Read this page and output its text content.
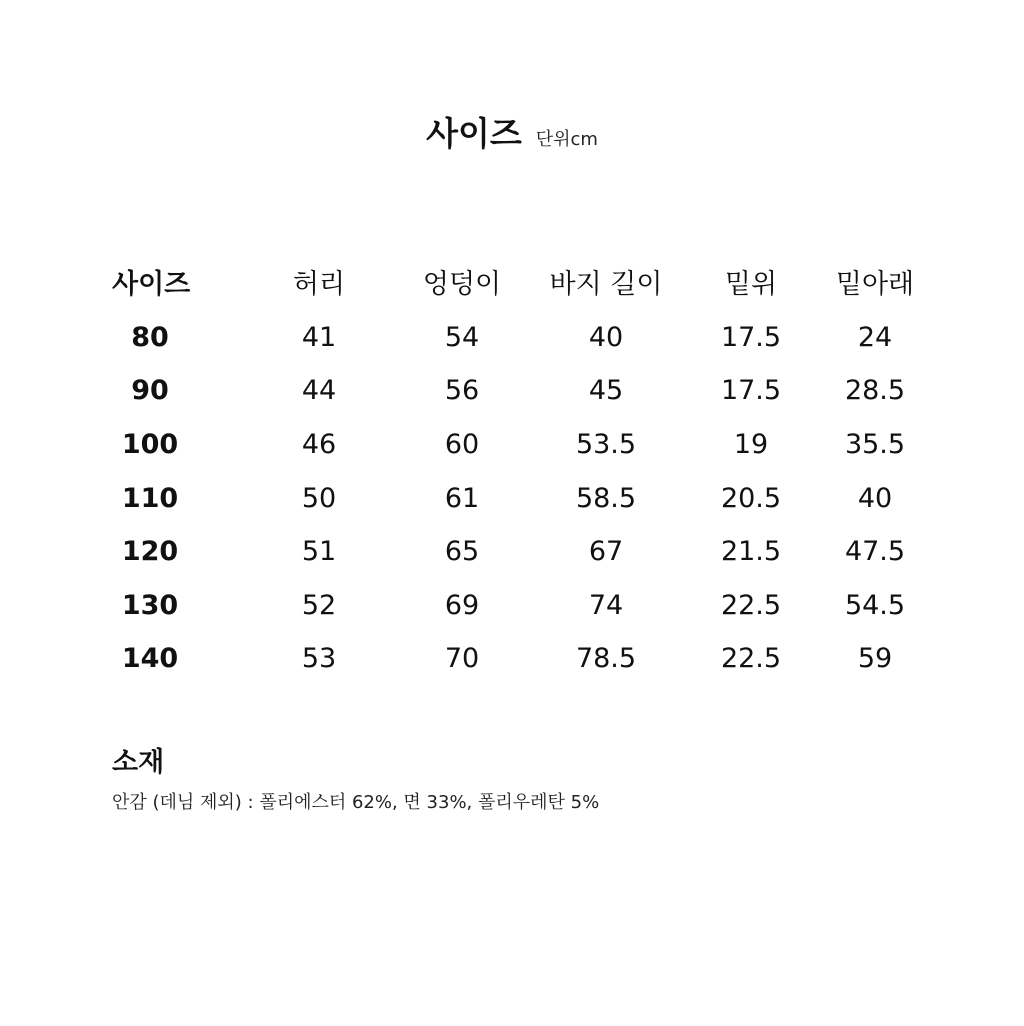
사이즈 단위cm
사이즈	허리	엉덩이	바지 길이	밑위	밑아래
80	41	54	40	17.5	24
90	44	56	45	17.5	28.5
100	46	60	53.5	19	35.5
110	50	61	58.5	20.5	40
120	51	65	67	21.5	47.5
130	52	69	74	22.5	54.5
140	53	70	78.5	22.5	59
소재
안감 (데님 제외) : 폴리에스터 62%, 면 33%, 폴리우레탄 5%
